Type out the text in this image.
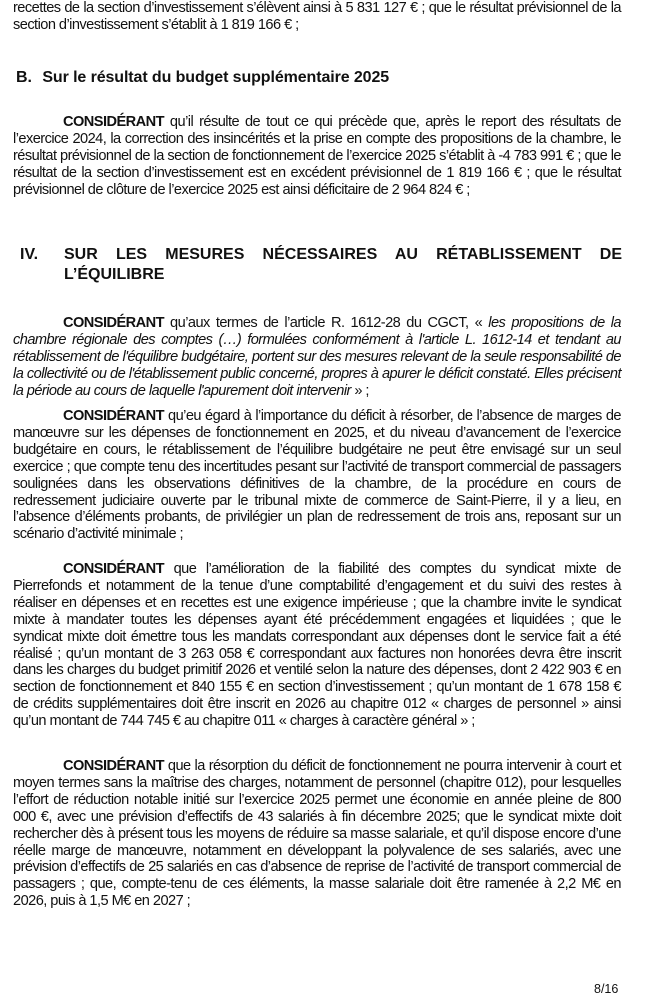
recettes de la section d’investissement s’élèvent ainsi à 5 831 127 € ; que le résultat prévisionnel de la section d’investissement s’établit à 1 819 166 € ;

B. Sur le résultat du budget supplémentaire 2025

CONSIDÉRANT qu’il résulte de tout ce qui précède que, après le report des résultats de l’exercice 2024, la correction des insincérités et la prise en compte des propositions de la chambre, le résultat prévisionnel de la section de fonctionnement de l’exercice 2025 s’établit à -4 783 991 € ; que le résultat de la section d’investissement est en excédent prévisionnel de 1 819 166 € ; que le résultat prévisionnel de clôture de l’exercice 2025 est ainsi déficitaire de 2 964 824 € ;

IV. SUR LES MESURES NÉCESSAIRES AU RÉTABLISSEMENT DE
L’ÉQUILIBRE

CONSIDÉRANT qu’aux termes de l’article R. 1612-28 du CGCT, « les propositions de la chambre régionale des comptes (…) formulées conformément à l'article L. 1612-14 et tendant au rétablissement de l'équilibre budgétaire, portent sur des mesures relevant de la seule responsabilité de la collectivité ou de l'établissement public concerné, propres à apurer le déficit constaté. Elles précisent la période au cours de laquelle l'apurement doit intervenir » ;

CONSIDÉRANT qu’eu égard à l’importance du déficit à résorber, de l’absence de marges de manœuvre sur les dépenses de fonctionnement en 2025, et du niveau d’avancement de l’exercice budgétaire en cours, le rétablissement de l’équilibre budgétaire ne peut être envisagé sur un seul exercice ; que compte tenu des incertitudes pesant sur l’activité de transport commercial de passagers soulignées dans les observations définitives de la chambre, de la procédure en cours de redressement judiciaire ouverte par le tribunal mixte de commerce de Saint-Pierre, il y a lieu, en l’absence d’éléments probants, de privilégier un plan de redressement de trois ans, reposant sur un scénario d’activité minimale ;

CONSIDÉRANT que l’amélioration de la fiabilité des comptes du syndicat mixte de Pierrefonds et notamment de la tenue d’une comptabilité d’engagement et du suivi des restes à réaliser en dépenses et en recettes est une exigence impérieuse ; que la chambre invite le syndicat mixte à mandater toutes les dépenses ayant été précédemment engagées et liquidées ; que le syndicat mixte doit émettre tous les mandats correspondant aux dépenses dont le service fait a été réalisé ; qu’un montant de 3 263 058 € correspondant aux factures non honorées devra être inscrit dans les charges du budget primitif 2026 et ventilé selon la nature des dépenses, dont 2 422 903 € en section de fonctionnement et 840 155 € en section d’investissement ; qu’un montant de 1 678 158 € de crédits supplémentaires doit être inscrit en 2026 au chapitre 012 « charges de personnel » ainsi qu’un montant de 744 745 € au chapitre 011 « charges à caractère général » ;

CONSIDÉRANT que la résorption du déficit de fonctionnement ne pourra intervenir à court et moyen termes sans la maîtrise des charges, notamment de personnel (chapitre 012), pour lesquelles l’effort de réduction notable initié sur l’exercice 2025 permet une économie en année pleine de 800 000 €, avec une prévision d’effectifs de 43 salariés à fin décembre 2025; que le syndicat mixte doit rechercher dès à présent tous les moyens de réduire sa masse salariale, et qu’il dispose encore d’une réelle marge de manœuvre, notamment en développant la polyvalence de ses salariés, avec une prévision d’effectifs de 25 salariés en cas d’absence de reprise de l’activité de transport commercial de passagers ; que, compte-tenu de ces éléments, la masse salariale doit être ramenée à 2,2 M€ en 2026, puis à 1,5 M€ en 2027 ;

8/16
